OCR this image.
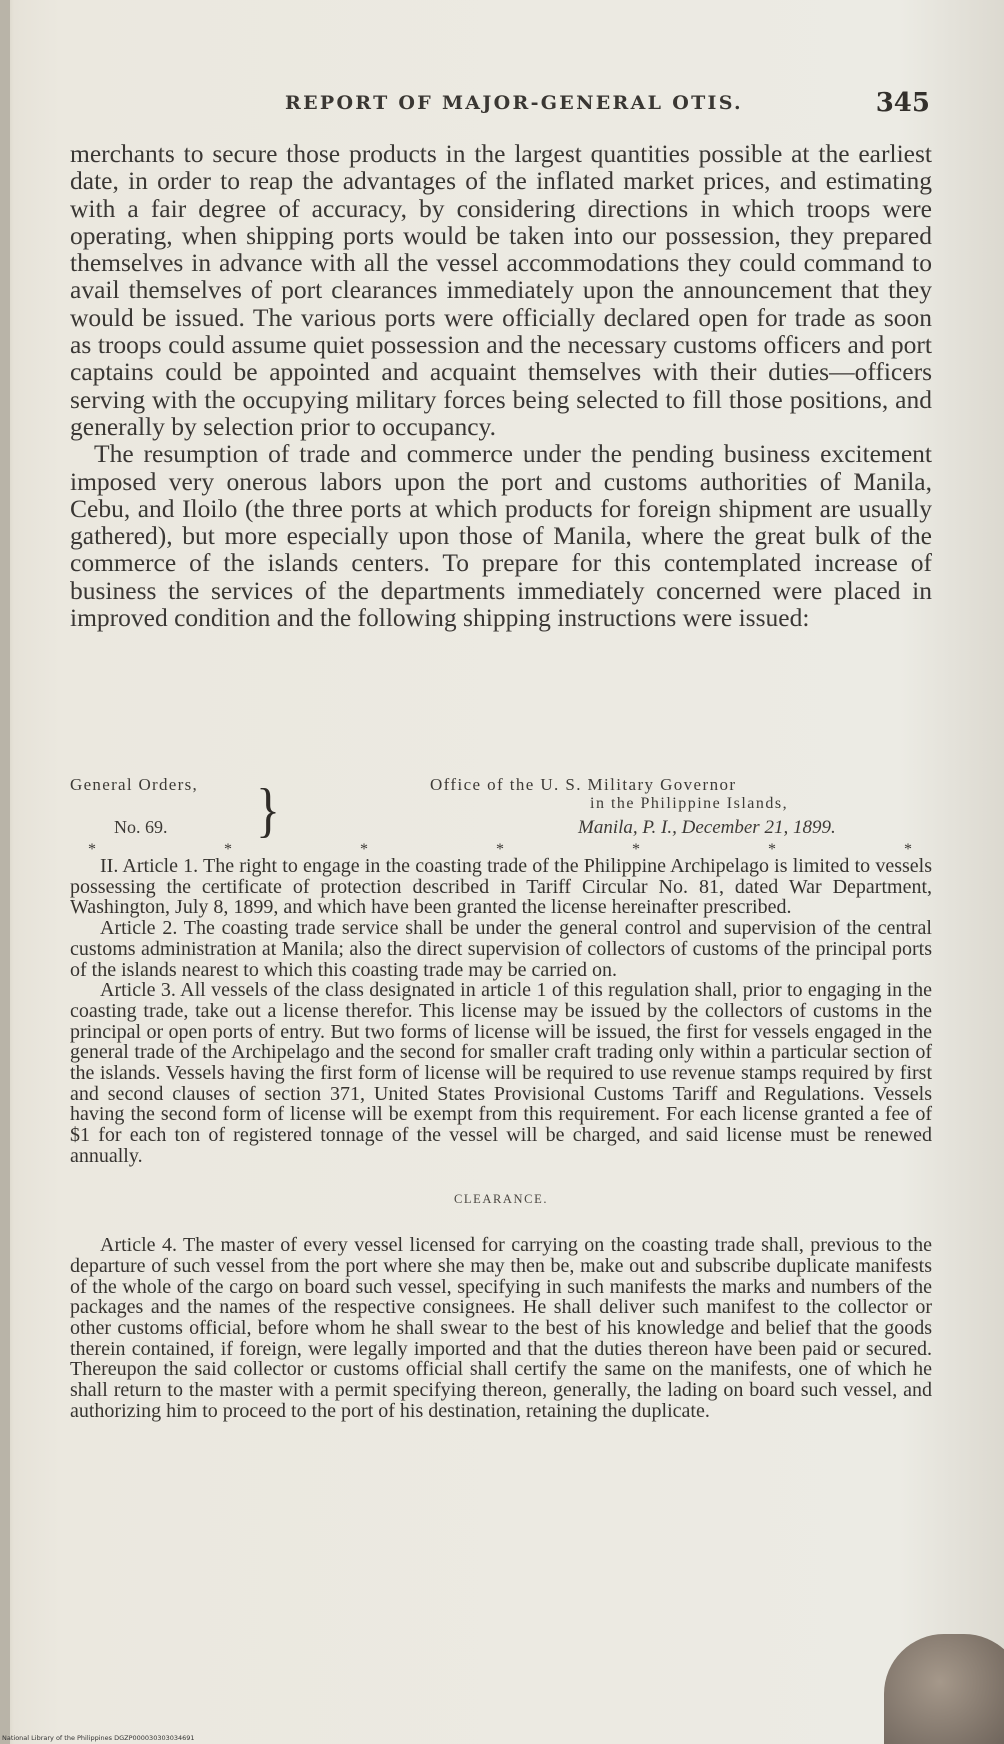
REPORT OF MAJOR-GENERAL OTIS.	345

merchants to secure those products in the largest quantities possible at the earliest date, in order to reap the advantages of the inflated market prices, and estimating with a fair degree of accuracy, by considering directions in which troops were operating, when shipping ports would be taken into our possession, they prepared themselves in advance with all the vessel accommodations they could command to avail themselves of port clearances immediately upon the announcement that they would be issued. The various ports were officially declared open for trade as soon as troops could assume quiet possession and the necessary customs officers and port captains could be appointed and acquaint themselves with their duties—officers serving with the occupying military forces being selected to fill those positions, and generally by selection prior to occupancy.

The resumption of trade and commerce under the pending business excitement imposed very onerous labors upon the port and customs authorities of Manila, Cebu, and Iloilo (the three ports at which products for foreign shipment are usually gathered), but more especially upon those of Manila, where the great bulk of the commerce of the islands centers. To prepare for this contemplated increase of business the services of the departments immediately concerned were placed in improved condition and the following shipping instructions were issued:

General Orders,
No. 69. }	Office of the U. S. Military Governor
in the Philippine Islands,
Manila, P. I., December 21, 1899.
*	*	*	*	*	*	*

II. Article 1. The right to engage in the coasting trade of the Philippine Archipelago is limited to vessels possessing the certificate of protection described in Tariff Circular No. 81, dated War Department, Washington, July 8, 1899, and which have been granted the license hereinafter prescribed.

Article 2. The coasting trade service shall be under the general control and supervision of the central customs administration at Manila; also the direct supervision of collectors of customs of the principal ports of the islands nearest to which this coasting trade may be carried on.

Article 3. All vessels of the class designated in article 1 of this regulation shall, prior to engaging in the coasting trade, take out a license therefor. This license may be issued by the collectors of customs in the principal or open ports of entry. But two forms of license will be issued, the first for vessels engaged in the general trade of the Archipelago and the second for smaller craft trading only within a particular section of the islands. Vessels having the first form of license will be required to use revenue stamps required by first and second clauses of section 371, United States Provisional Customs Tariff and Regulations. Vessels having the second form of license will be exempt from this requirement. For each license granted a fee of $1 for each ton of registered tonnage of the vessel will be charged, and said license must be renewed annually.

CLEARANCE.

Article 4. The master of every vessel licensed for carrying on the coasting trade shall, previous to the departure of such vessel from the port where she may then be, make out and subscribe duplicate manifests of the whole of the cargo on board such vessel, specifying in such manifests the marks and numbers of the packages and the names of the respective consignees. He shall deliver such manifest to the collector or other customs official, before whom he shall swear to the best of his knowledge and belief that the goods therein contained, if foreign, were legally imported and that the duties thereon have been paid or secured. Thereupon the said collector or customs official shall certify the same on the manifests, one of which he shall return to the master with a permit specifying thereon, generally, the lading on board such vessel, and authorizing him to proceed to the port of his destination, retaining the duplicate.

National Library of the Philippines DGZP000030303034691
